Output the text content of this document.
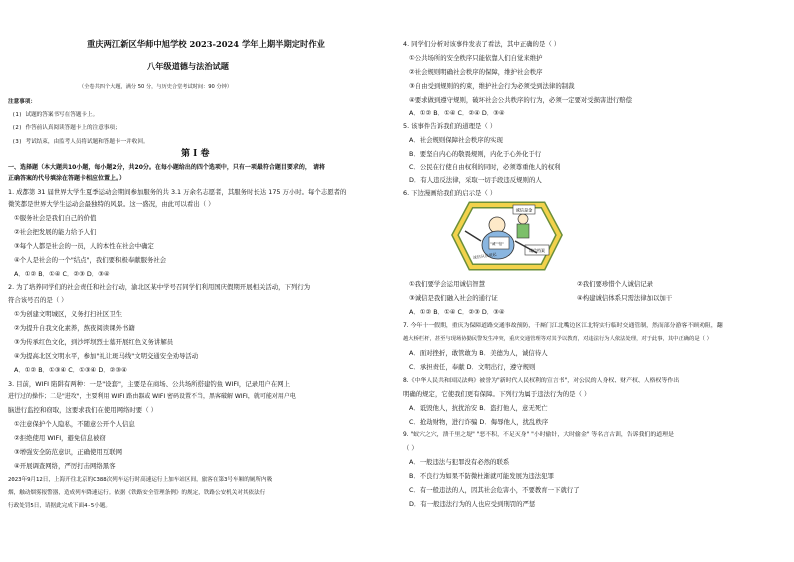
重庆两江新区华师中旭学校 2023-2024 学年上期半期定时作业
八年级道德与法治试题
（全卷共四个大题，满分 50 分，与历史合堂考试时间：90 分钟）
注意事项：
(1) 试题的答案书写在答题卡上。
(2) 作答前认真阅读答题卡上的注意事项；
(3) 考试结束，由监考人员将试题和答题卡一并收回。
第 Ⅰ 卷
一、选择题（本大题共10小题，每小题2分，共20分。在每小题给出的四个选项中，只有一项最符合题目要求的， 请将
正确答案的代号填涂在答题卡相应位置上。）
1. 成都第 31 届世界大学生夏季运动会期间参加服务的共 3.1 万余名志愿者，其服务时长达 175 万小时。每个志愿者的
微笑都是世界大学生运动会最独特的风景。这一盛况，由此可以看出（ ）
①服务社会是我们自己的价值
②社会把发展的能力给予人们
③每个人都是社会的一员，人的本性在社会中确定
④个人是社会的一个"结点"，我们要积极奉献服务社会
A．①② B．①④ C．②③ D．③④
2. 为了培养同学们的社会责任和社会行动，渝北区某中学号召同学们利用国庆假期开展相关活动，下列行为
符合该号召的是（ ）
①为创建文明城区，义务打扫社区卫生
②为提升自我文化素养，熬夜阅读课外书籍
③为传承红色文化，到沙坪坝烈士墓开展红色义务讲解员
④为提高北区文明水平，参加"礼让斑马线"文明交通安全劝导活动
A．①② B．①③④ C．①③④ D．②③④
3. 目前，WIFI 陷阱有两种：一是"设套"，主要是在商场、公共场所搭建钓鱼 WIFI，记录用户在网上
进行过的操作；二是"进攻"，主要利用 WIFI 路由器或 WIFI 密码设置不当，黑客破解 WIFI，就可能对用户电
脑进行监控和窃取，这要求我们在使用网络时要（ ）
①注意保护个人隐私，不随意公开个人信息
②拒绝使用 WIFI，避免信息被窃
③增强安全防范意识，正确使用互联网
④开展调查网络，严厉打击网络黑客
2023年9月12日，上海开往北京的C388次列车运行时高速运行上加车站区间，旅客在第3号车厢的厕所内吸
烟，触动烟雾报警器，造成列车降速运行。依据《铁路安全管理条例》的规定，铁路公安机关对其依法行
行政处罚5日，请据此完成下面4-5小题。
4. 同学们分析对该事件发表了看法，其中正确的是（ ）
①公共场所的安全秩序只能依靠人们自觉来维护
②社会规则明确社会秩序的保障，维护社会秩序
③自由受到规则的约束，维护社会行为必须受到法律的制裁
④要求做到遵守规则，破坏社会公共秩序的行为，必须一定要对受损害进行赔偿
A．①② B．①④ C．②④ D．③④
5. 该事件告诉我们的道理是（ ）
A．社会规则保障社会秩序的实现
B．要坚自内心的敬畏规则，内化于心外化于行
C．公民在行使自由权利的同时，必须尊重他人的权利
D．有人违反法律，采取一切手段违反规则的人
6. 下边漫画给我们的启示是（ ）
①我们要学会运用诚信智慧	②我们要珍惜个人诚信记录
③诚信是我们融入社会的通行证	④构建诚信体系只需法律加以加干
A．①② B．①④ C．②③ D．③④
7. 今年十一假期，重庆为保障道路交通事故预防，千厮门江北嘴边区江北特实行临时交通管制，然而部分游客不顾劝阻，翻
越大桥栏杆，甚至与现场协勤民警发生冲突，重庆交通管理等对其予以教育，对违法行为人依法处理，对于此事，其中正确的是（ ）
A．面对挫折，敢管敢为 B．美德为人，诚信待人
C．承担责任，奉献 D．文明出行，遵守规则
8.《中华人民共和国民法典》被誉为"新时代人民权利的宣言书"，对公民的人身权、财产权、人格权等作出
明确的规定，它使我们更有保障。下列行为属于违法行为的是（ ）
A．诋毁他人，抗扰治安 B．盗打他人，意无死亡
C．抢劫财物，进行诈骗 D．侮辱他人，扰乱秩序
9. "蚁穴之穴，溃千里之堤" "恶不积，不足灭身" "小时偷针，大时偷金" 等名言古训，告诉我们的道理是
（ ）
A．一般违法与犯罪没有必然的联系
B．不良行为如果不防微杜渐就可能发展为违法犯罪
C．有一般违法的人，因其社会危害小，不要教育一下就行了
D．有一般违法行为的人也应受到刑罚的严惩
诚信是金
诚信从我做起
诚信档案
"诚""信"
